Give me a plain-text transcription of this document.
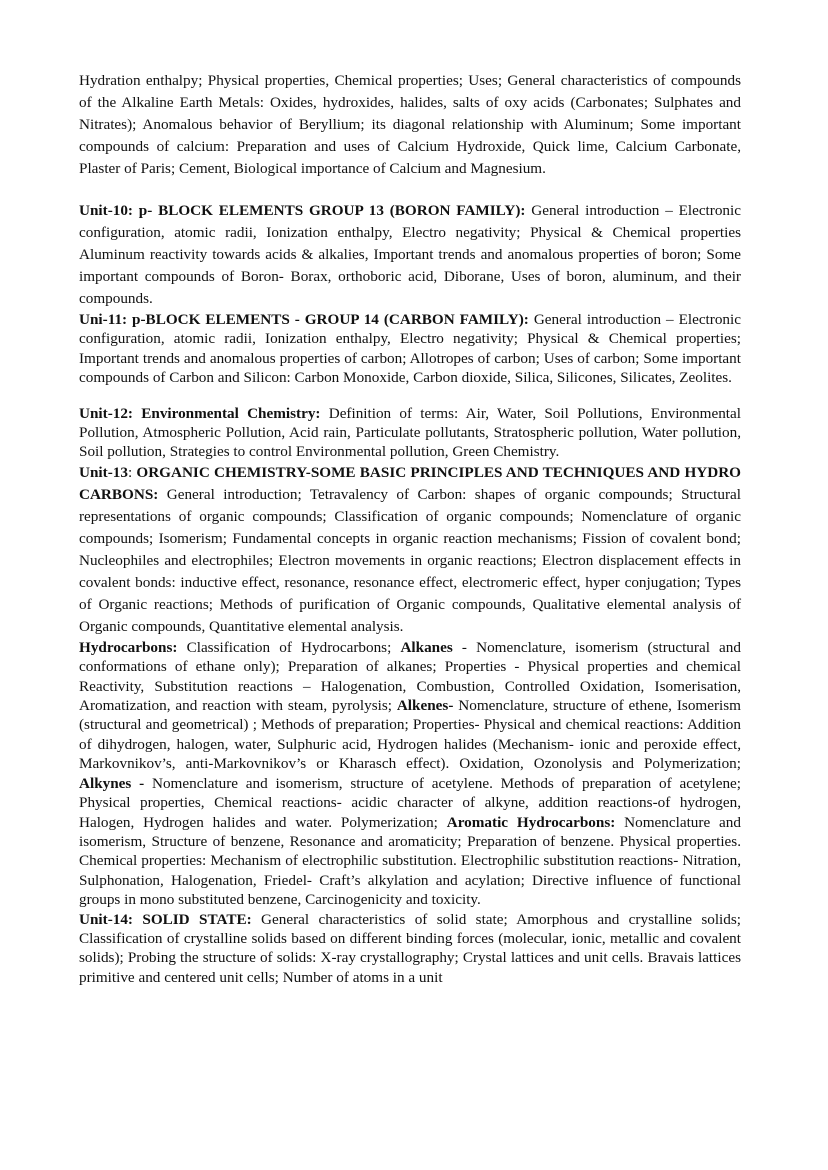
Hydration enthalpy; Physical properties, Chemical properties; Uses; General characteristics of compounds of the Alkaline Earth Metals: Oxides, hydroxides, halides, salts of oxy acids (Carbonates; Sulphates and Nitrates); Anomalous behavior of Beryllium; its diagonal relationship with Aluminum; Some important compounds of calcium: Preparation and uses of Calcium Hydroxide, Quick lime, Calcium Carbonate, Plaster of Paris; Cement, Biological importance of Calcium and Magnesium.

Unit-10: p- BLOCK ELEMENTS GROUP 13 (BORON FAMILY): General introduction – Electronic configuration, atomic radii, Ionization enthalpy, Electro negativity; Physical & Chemical properties Aluminum reactivity towards acids & alkalies, Important trends and anomalous properties of boron; Some important compounds of Boron- Borax, orthoboric acid, Diborane, Uses of boron, aluminum, and their compounds.

Uni-11: p-BLOCK ELEMENTS - GROUP 14 (CARBON FAMILY): General introduction – Electronic configuration, atomic radii, Ionization enthalpy, Electro negativity; Physical & Chemical properties; Important trends and anomalous properties of carbon; Allotropes of carbon; Uses of carbon; Some important compounds of Carbon and Silicon: Carbon Monoxide, Carbon dioxide, Silica, Silicones, Silicates, Zeolites.

Unit-12: Environmental Chemistry: Definition of terms: Air, Water, Soil Pollutions, Environmental Pollution, Atmospheric Pollution, Acid rain, Particulate pollutants, Stratospheric pollution, Water pollution, Soil pollution, Strategies to control Environmental pollution, Green Chemistry.

Unit-13: ORGANIC CHEMISTRY-SOME BASIC PRINCIPLES AND TECHNIQUES AND HYDRO CARBONS: General introduction; Tetravalency of Carbon: shapes of organic compounds; Structural representations of organic compounds; Classification of organic compounds; Nomenclature of organic compounds; Isomerism; Fundamental concepts in organic reaction mechanisms; Fission of covalent bond; Nucleophiles and electrophiles; Electron movements in organic reactions; Electron displacement effects in covalent bonds: inductive effect, resonance, resonance effect, electromeric effect, hyper conjugation; Types of Organic reactions; Methods of purification of Organic compounds, Qualitative elemental analysis of Organic compounds, Quantitative elemental analysis.

Hydrocarbons: Classification of Hydrocarbons; Alkanes - Nomenclature, isomerism (structural and conformations of ethane only); Preparation of alkanes; Properties - Physical properties and chemical Reactivity, Substitution reactions – Halogenation, Combustion, Controlled Oxidation, Isomerisation, Aromatization, and reaction with steam, pyrolysis; Alkenes- Nomenclature, structure of ethene, Isomerism (structural and geometrical) ; Methods of preparation; Properties- Physical and chemical reactions: Addition of dihydrogen, halogen, water, Sulphuric acid, Hydrogen halides (Mechanism- ionic and peroxide effect, Markovnikov’s, anti-Markovnikov’s or Kharasch effect). Oxidation, Ozonolysis and Polymerization; Alkynes - Nomenclature and isomerism, structure of acetylene. Methods of preparation of acetylene; Physical properties, Chemical reactions- acidic character of alkyne, addition reactions-of hydrogen, Halogen, Hydrogen halides and water. Polymerization; Aromatic Hydrocarbons: Nomenclature and isomerism, Structure of benzene, Resonance and aromaticity; Preparation of benzene. Physical properties. Chemical properties: Mechanism of electrophilic substitution. Electrophilic substitution reactions- Nitration, Sulphonation, Halogenation, Friedel- Craft’s alkylation and acylation; Directive influence of functional groups in mono substituted benzene, Carcinogenicity and toxicity.

Unit-14: SOLID STATE: General characteristics of solid state; Amorphous and crystalline solids; Classification of crystalline solids based on different binding forces (molecular, ionic, metallic and covalent solids); Probing the structure of solids: X-ray crystallography; Crystal lattices and unit cells. Bravais lattices primitive and centered unit cells; Number of atoms in a unit
